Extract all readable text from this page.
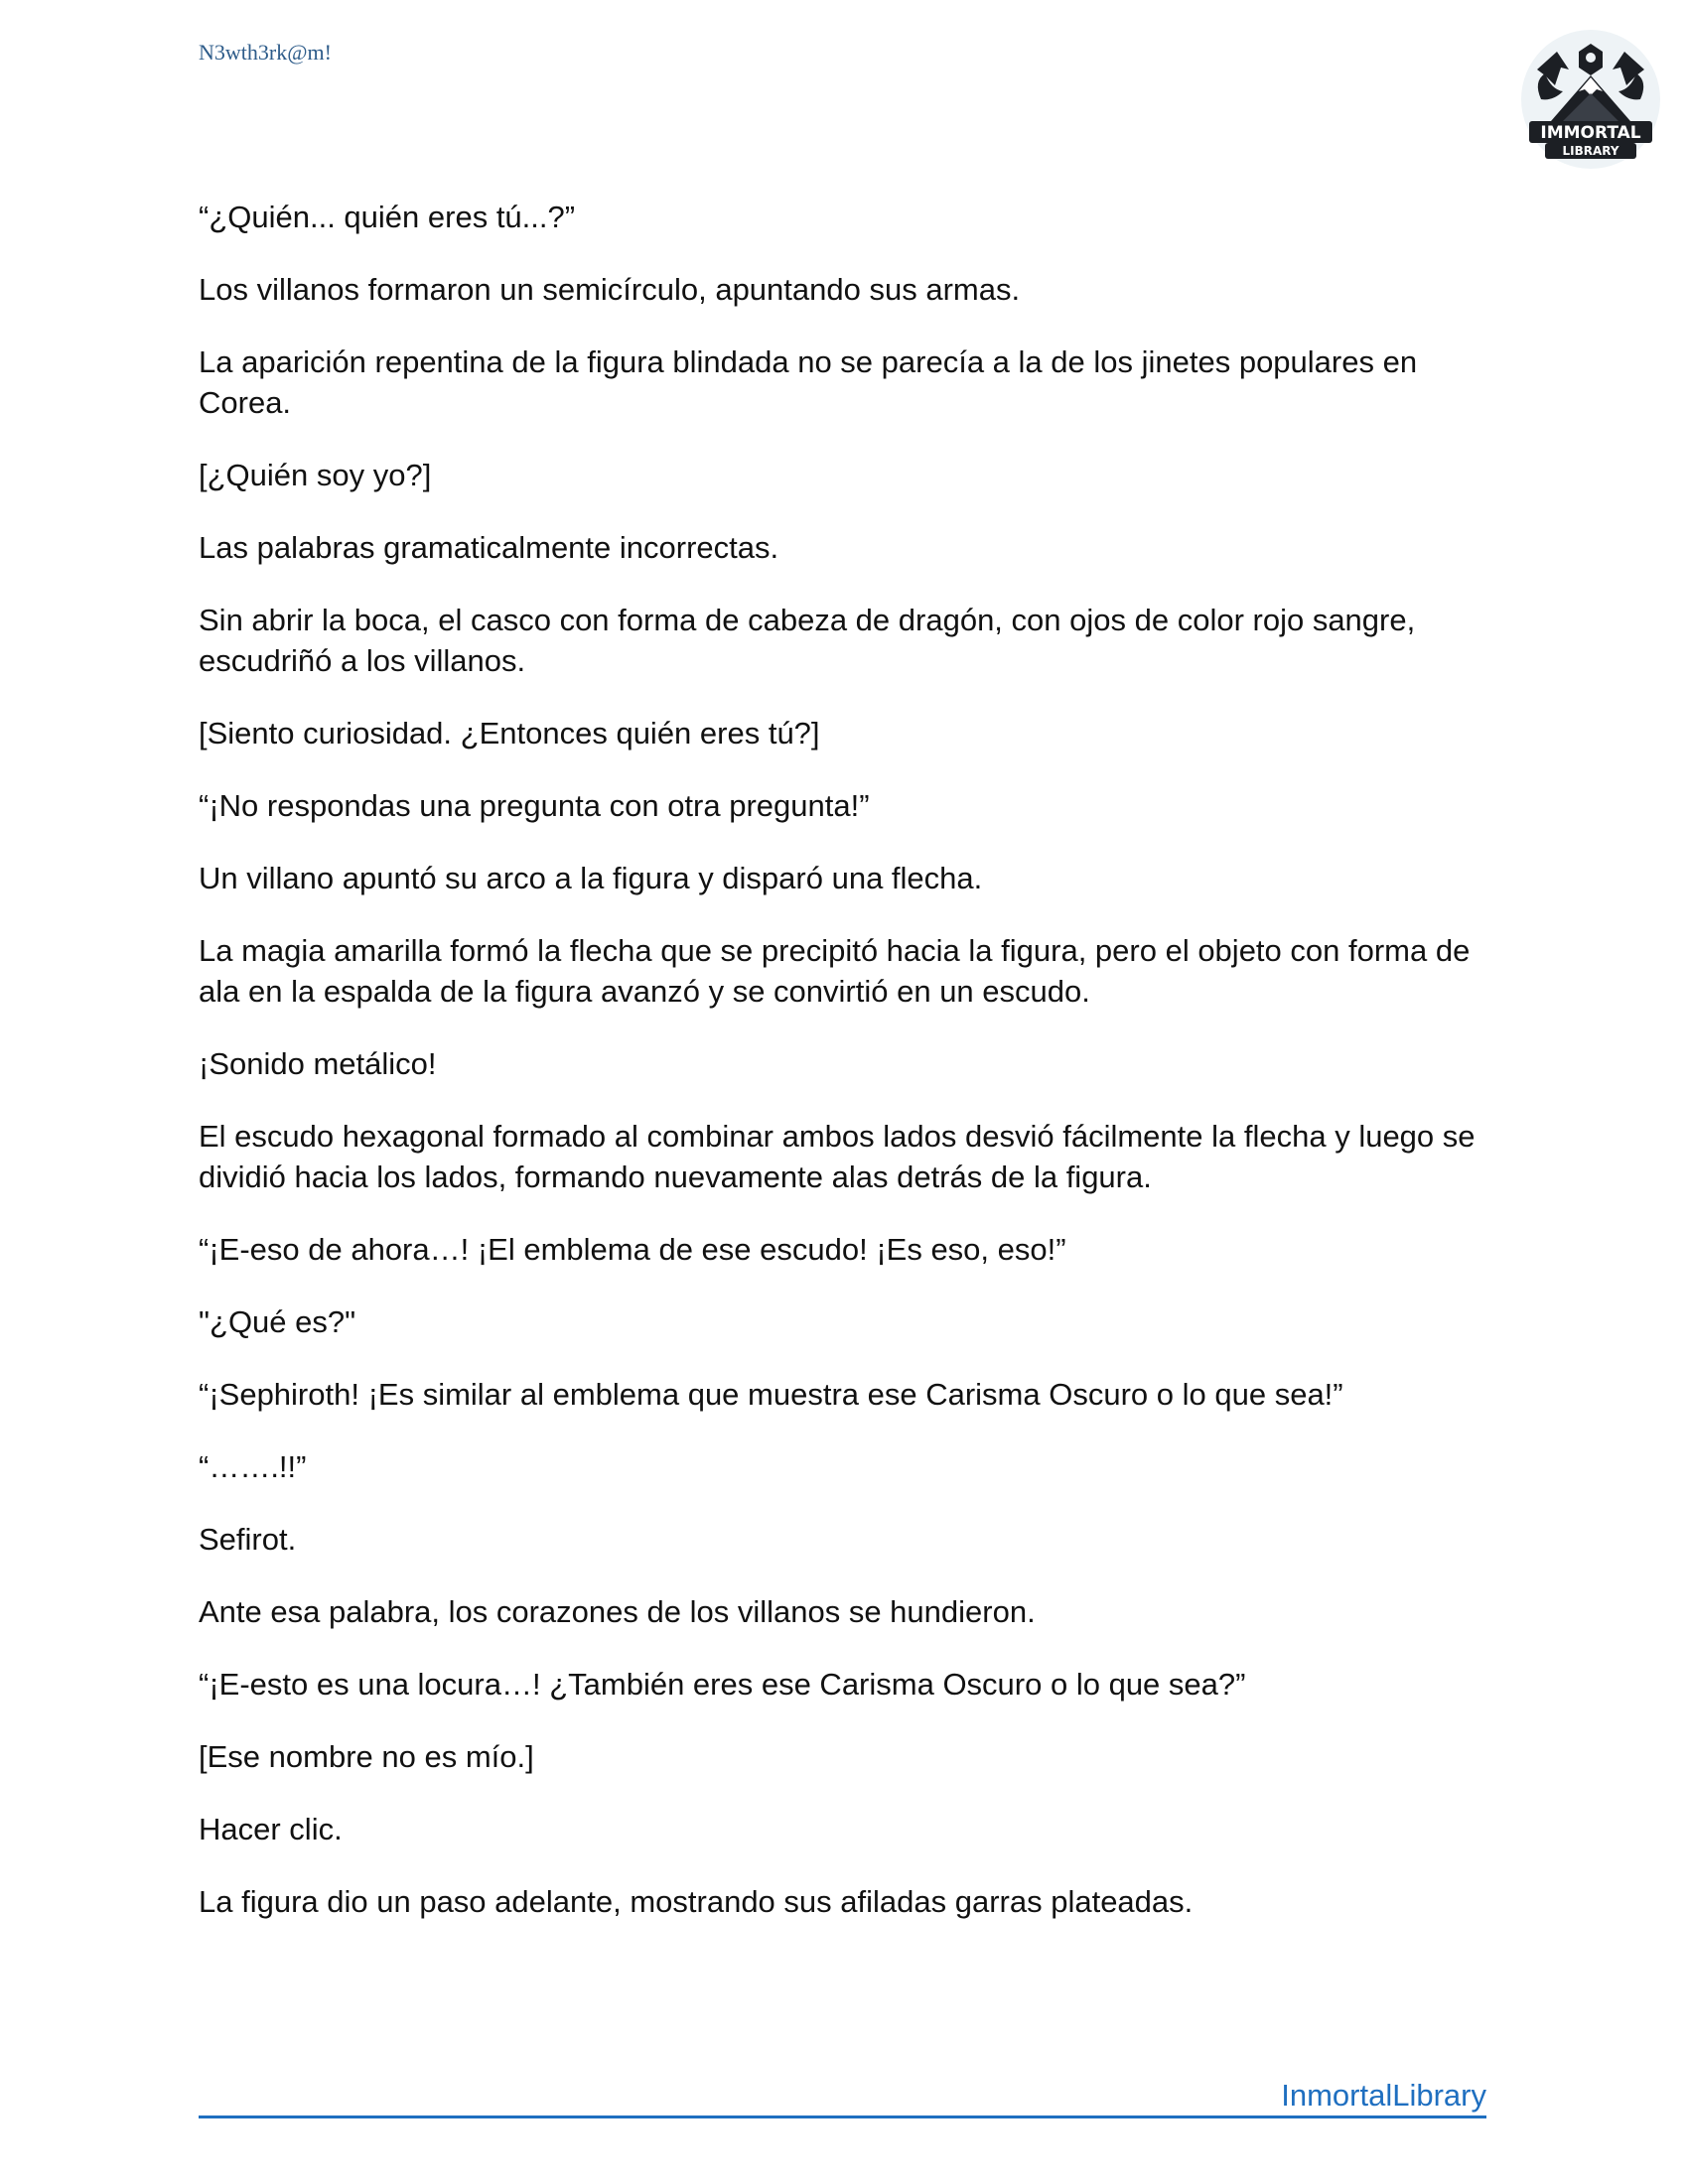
N3wth3rk@m!
IMMORTAL
LIBRARY

“¿Quién... quién eres tú...?”

Los villanos formaron un semicírculo, apuntando sus armas.

La aparición repentina de la figura blindada no se parecía a la de los jinetes populares en Corea.

[¿Quién soy yo?]

Las palabras gramaticalmente incorrectas.

Sin abrir la boca, el casco con forma de cabeza de dragón, con ojos de color rojo sangre, escudriñó a los villanos.

[Siento curiosidad. ¿Entonces quién eres tú?]

“¡No respondas una pregunta con otra pregunta!”

Un villano apuntó su arco a la figura y disparó una flecha.

La magia amarilla formó la flecha que se precipitó hacia la figura, pero el objeto con forma de ala en la espalda de la figura avanzó y se convirtió en un escudo.

¡Sonido metálico!

El escudo hexagonal formado al combinar ambos lados desvió fácilmente la flecha y luego se dividió hacia los lados, formando nuevamente alas detrás de la figura.

“¡E-eso de ahora…! ¡El emblema de ese escudo! ¡Es eso, eso!”

"¿Qué es?"

“¡Sephiroth! ¡Es similar al emblema que muestra ese Carisma Oscuro o lo que sea!”

“…….!!”

Sefirot.

Ante esa palabra, los corazones de los villanos se hundieron.

“¡E-esto es una locura…! ¿También eres ese Carisma Oscuro o lo que sea?”

[Ese nombre no es mío.]

Hacer clic.

La figura dio un paso adelante, mostrando sus afiladas garras plateadas.

InmortalLibrary
